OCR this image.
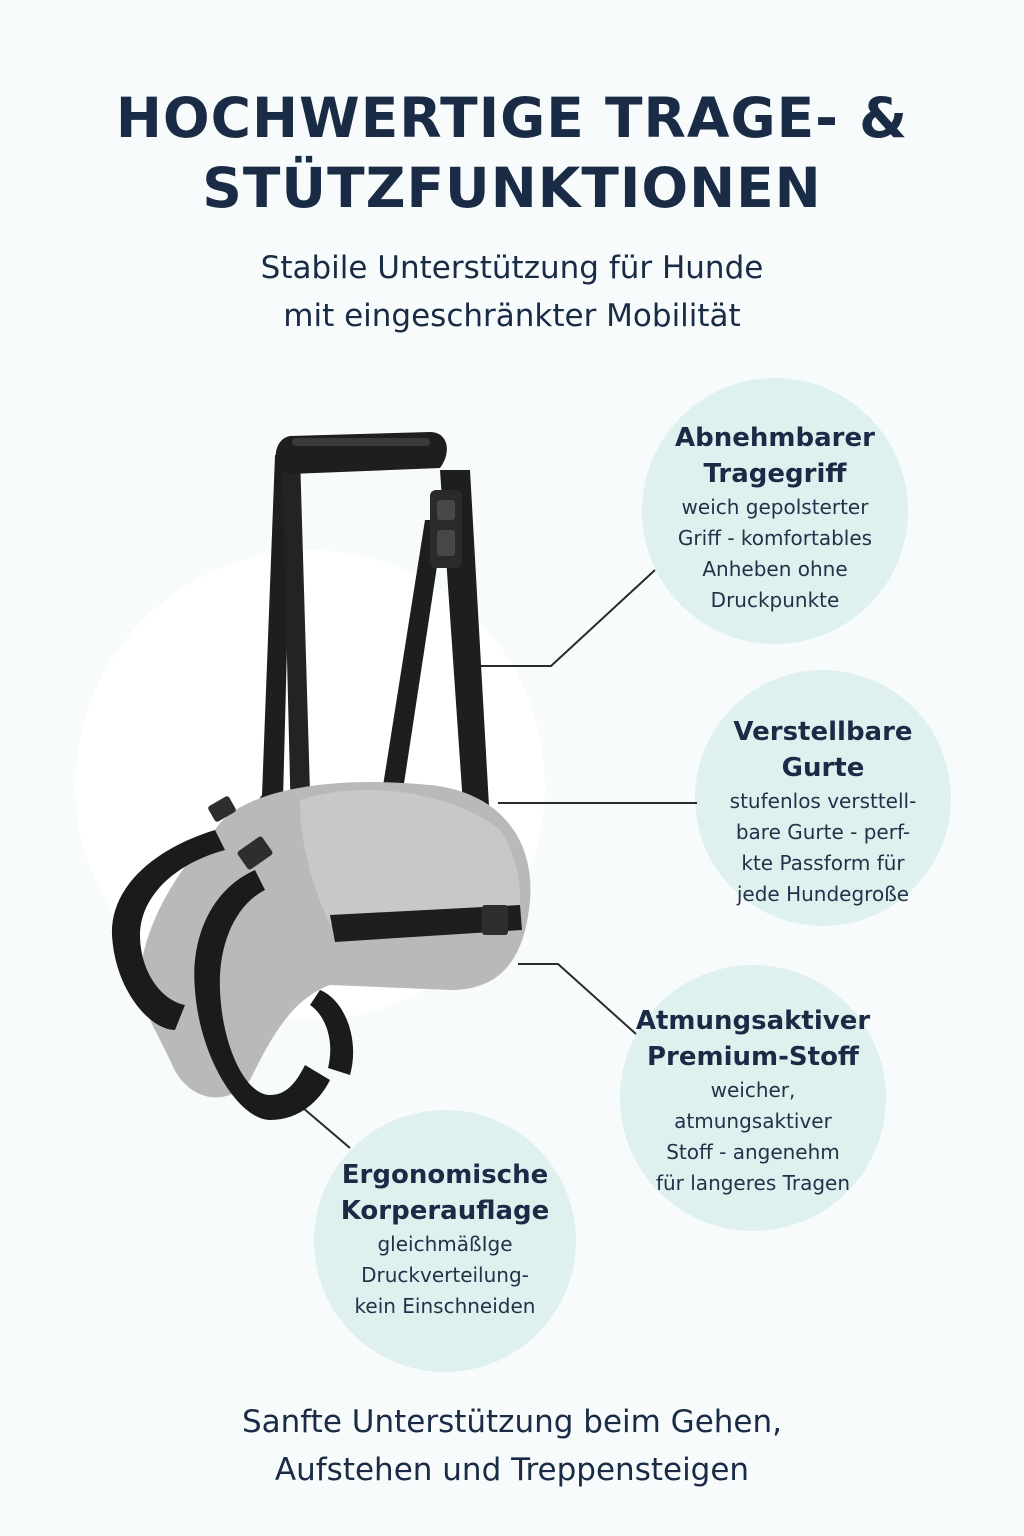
HOCHWERTIGE TRAGE- &
STÜTZFUNKTIONEN
Stabile Unterstützung für Hunde
mit eingeschränkter Mobilität
Abnehmbarer
Tragegriff
weich gepolsterter
Griff - komfortables
Anheben ohne
Druckpunkte
Verstellbare
Gurte
stufenlos versttell-
bare Gurte - perf-
kte Passform für
jede Hundegroße
Atmungsaktiver
Premium-Stoff
weicher,
atmungsaktiver
Stoff - angenehm
für langeres Tragen
Ergonomische
Korperauflage
gleichmäßIge
Druckverteilung-
kein Einschneiden
Sanfte Unterstützung beim Gehen,
Aufstehen und Treppensteigen
